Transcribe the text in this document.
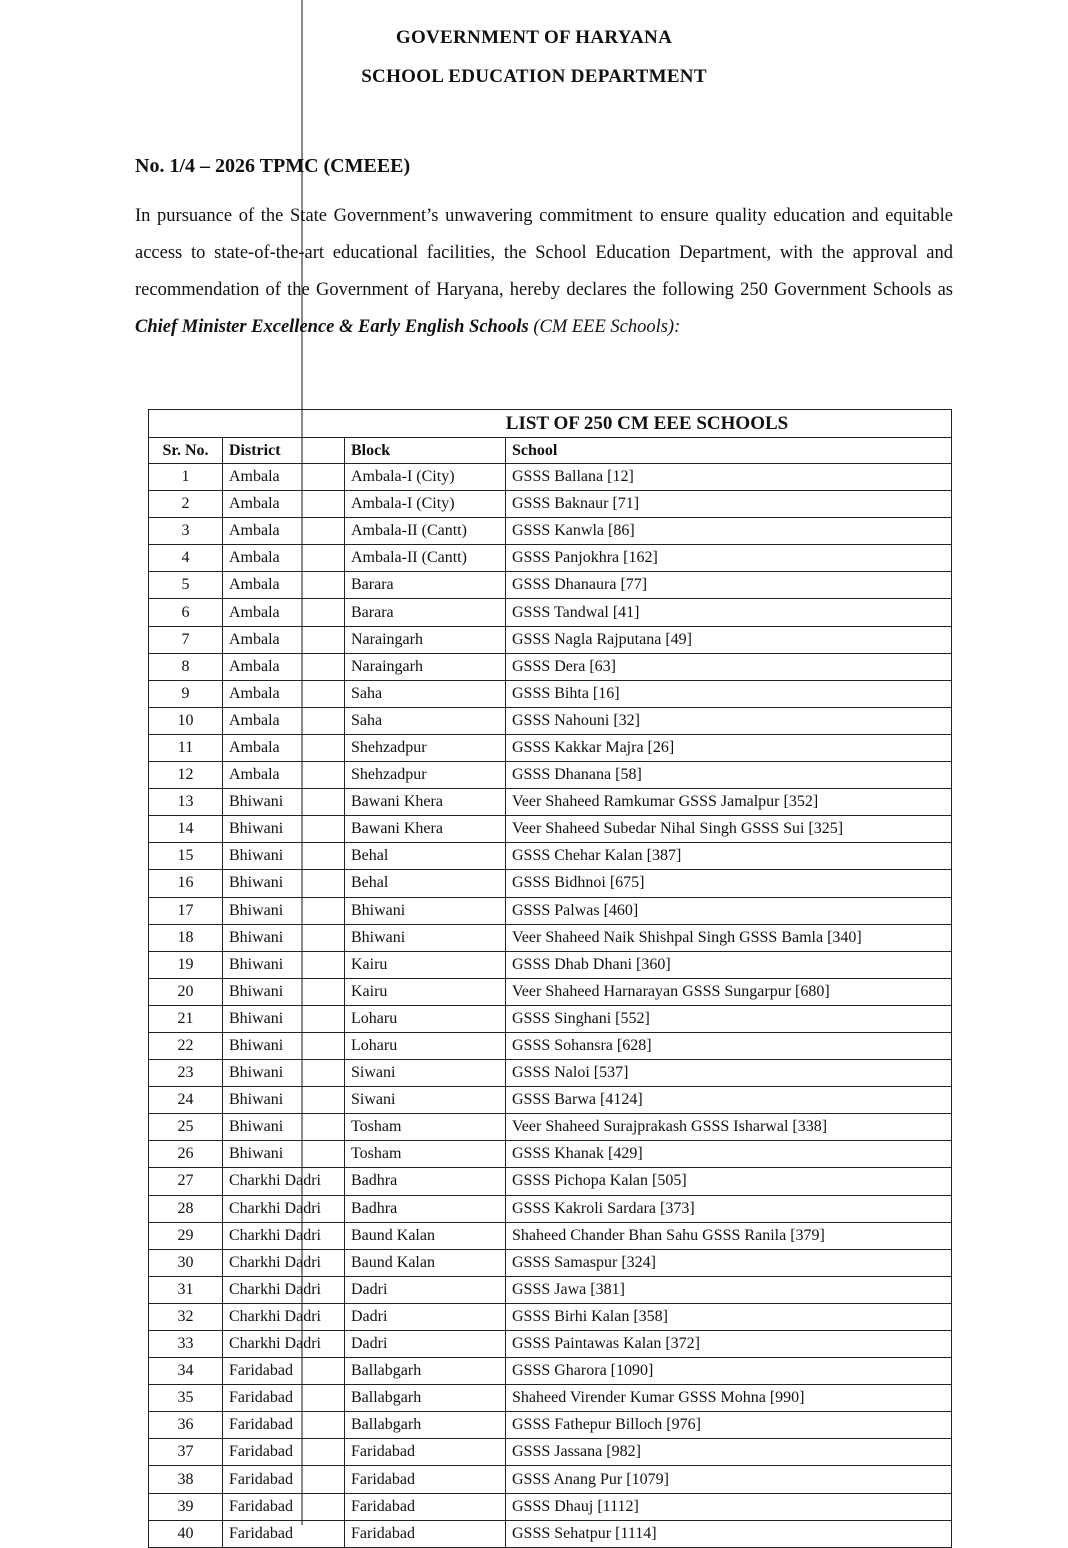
GOVERNMENT OF HARYANA
SCHOOL EDUCATION DEPARTMENT
No. 1/4 – 2026 TPMC (CMEEE)
In pursuance of the State Government’s unwavering commitment to ensure quality education and equitable access to state-of-the-art educational facilities, the School Education Department, with the approval and recommendation of the Government of Haryana, hereby declares the following 250 Government Schools as Chief Minister Excellence & Early English Schools (CM EEE Schools):
LIST OF 250 CM EEE SCHOOLS			
Sr. No.	District	Block	School
1	Ambala	Ambala-I (City)	GSSS Ballana [12]
2	Ambala	Ambala-I (City)	GSSS Baknaur [71]
3	Ambala	Ambala-II (Cantt)	GSSS Kanwla [86]
4	Ambala	Ambala-II (Cantt)	GSSS Panjokhra [162]
5	Ambala	Barara	GSSS Dhanaura [77]
6	Ambala	Barara	GSSS Tandwal [41]
7	Ambala	Naraingarh	GSSS Nagla Rajputana [49]
8	Ambala	Naraingarh	GSSS Dera [63]
9	Ambala	Saha	GSSS Bihta [16]
10	Ambala	Saha	GSSS Nahouni [32]
11	Ambala	Shehzadpur	GSSS Kakkar Majra [26]
12	Ambala	Shehzadpur	GSSS Dhanana [58]
13	Bhiwani	Bawani Khera	Veer Shaheed Ramkumar GSSS Jamalpur [352]
14	Bhiwani	Bawani Khera	Veer Shaheed Subedar Nihal Singh GSSS Sui [325]
15	Bhiwani	Behal	GSSS Chehar Kalan [387]
16	Bhiwani	Behal	GSSS Bidhnoi [675]
17	Bhiwani	Bhiwani	GSSS Palwas [460]
18	Bhiwani	Bhiwani	Veer Shaheed Naik Shishpal Singh GSSS Bamla [340]
19	Bhiwani	Kairu	GSSS Dhab Dhani [360]
20	Bhiwani	Kairu	Veer Shaheed Harnarayan GSSS Sungarpur [680]
21	Bhiwani	Loharu	GSSS Singhani [552]
22	Bhiwani	Loharu	GSSS Sohansra [628]
23	Bhiwani	Siwani	GSSS Naloi [537]
24	Bhiwani	Siwani	GSSS Barwa [4124]
25	Bhiwani	Tosham	Veer Shaheed Surajprakash GSSS Isharwal [338]
26	Bhiwani	Tosham	GSSS Khanak [429]
27	Charkhi Dadri	Badhra	GSSS Pichopa Kalan [505]
28	Charkhi Dadri	Badhra	GSSS Kakroli Sardara [373]
29	Charkhi Dadri	Baund Kalan	Shaheed Chander Bhan Sahu GSSS Ranila [379]
30	Charkhi Dadri	Baund Kalan	GSSS Samaspur [324]
31	Charkhi Dadri	Dadri	GSSS Jawa [381]
32	Charkhi Dadri	Dadri	GSSS Birhi Kalan [358]
33	Charkhi Dadri	Dadri	GSSS Paintawas Kalan [372]
34	Faridabad	Ballabgarh	GSSS Gharora [1090]
35	Faridabad	Ballabgarh	Shaheed Virender Kumar GSSS Mohna [990]
36	Faridabad	Ballabgarh	GSSS Fathepur Billoch [976]
37	Faridabad	Faridabad	GSSS Jassana [982]
38	Faridabad	Faridabad	GSSS Anang Pur [1079]
39	Faridabad	Faridabad	GSSS Dhauj [1112]
40	Faridabad	Faridabad	GSSS Sehatpur [1114]
